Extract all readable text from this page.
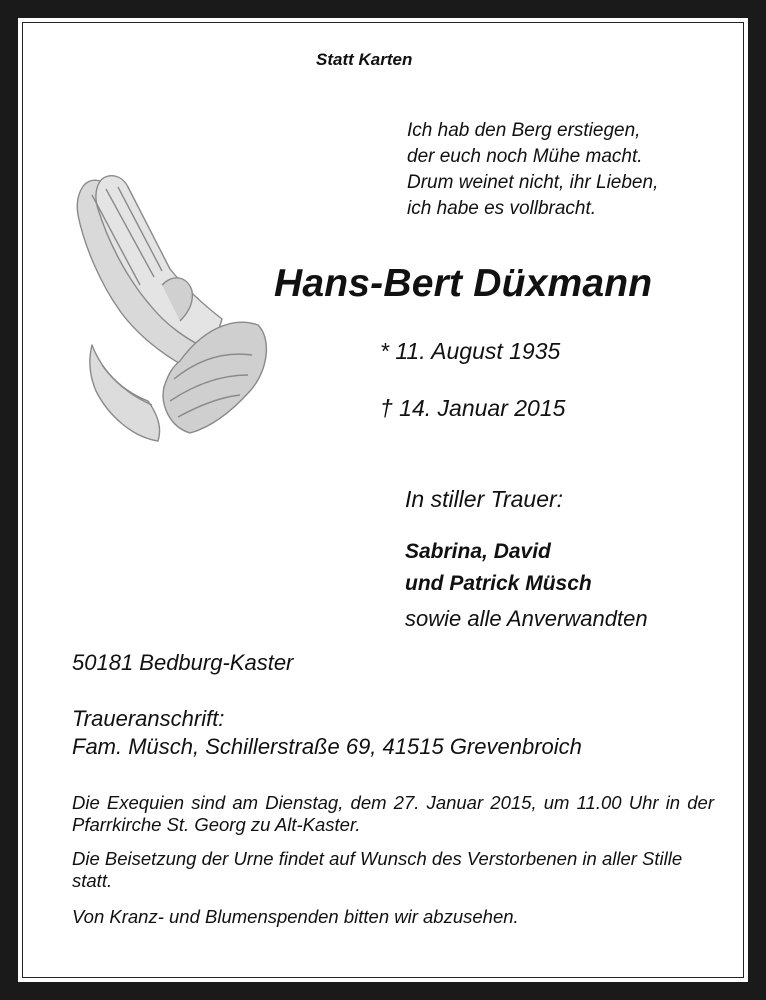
Statt Karten

Ich hab den Berg erstiegen,
der euch noch Mühe macht.
Drum weinet nicht, ihr Lieben,
ich habe es vollbracht.

Hans-Bert Düxmann

* 11. August 1935

† 14. Januar 2015

In stiller Trauer:

Sabrina, David
und Patrick Müsch

sowie alle Anverwandten

50181 Bedburg-Kaster

Traueranschrift:

Fam. Müsch, Schillerstraße 69, 41515 Grevenbroich

Die Exequien sind am Dienstag, dem 27. Januar 2015, um 11.00 Uhr in der Pfarrkirche St. Georg zu Alt-Kaster.

Die Beisetzung der Urne findet auf Wunsch des Verstorbenen in aller Stille statt.

Von Kranz- und Blumenspenden bitten wir abzusehen.
